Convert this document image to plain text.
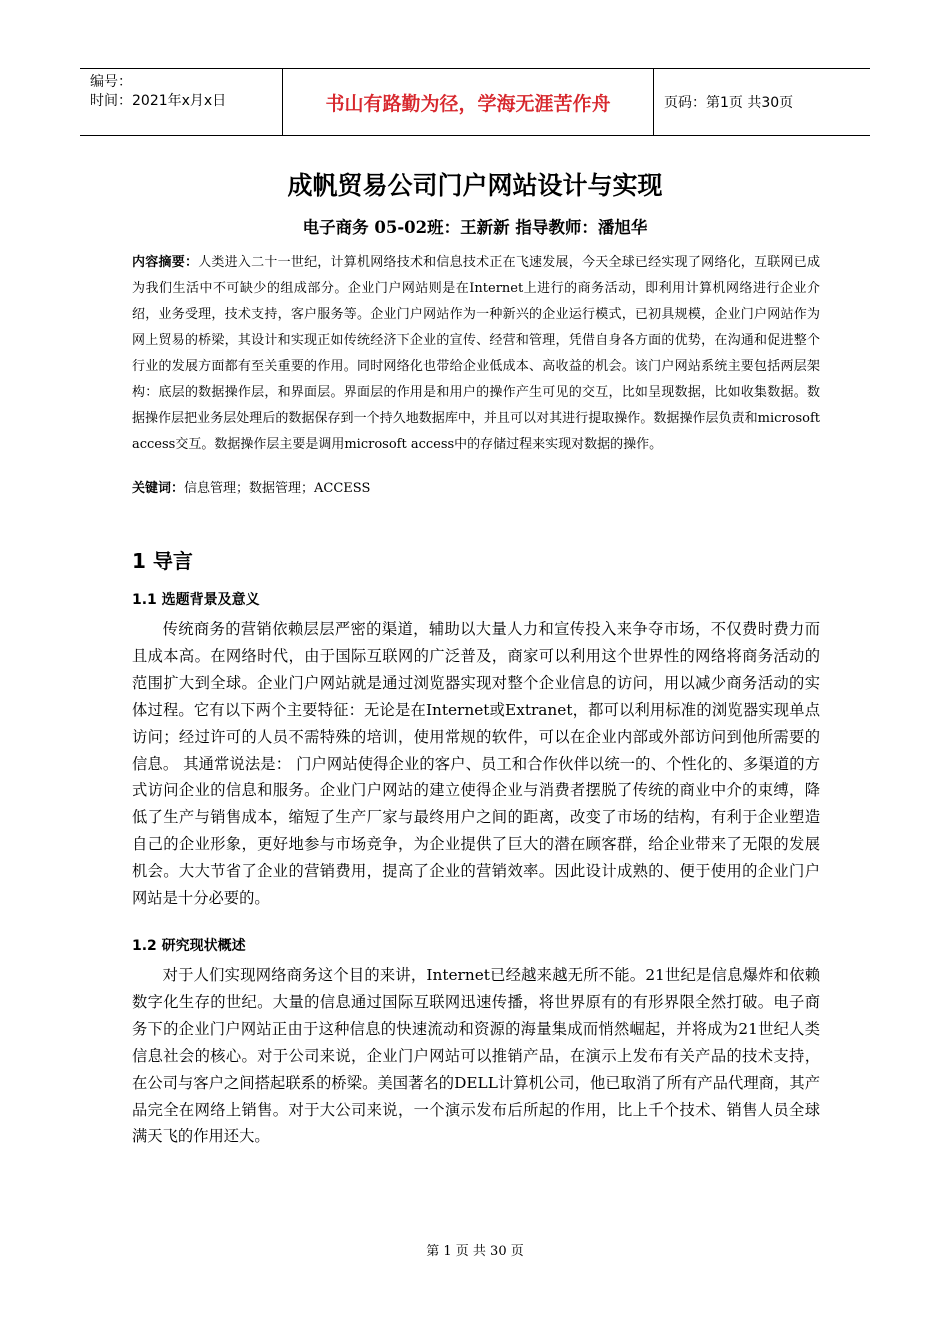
编号：
时间：2021年x月x日	书山有路勤为径，学海无涯苦作舟	页码：第1页 共30页
成帆贸易公司门户网站设计与实现
电子商务 05-02班：王新新 指导教师：潘旭华
内容摘要：人类进入二十一世纪，计算机网络技术和信息技术正在飞速发展，今天全球已经实现了网络化，互联网已成为我们生活中不可缺少的组成部分。企业门户网站则是在Internet上进行的商务活动，即利用计算机网络进行企业介绍，业务受理，技术支持，客户服务等。企业门户网站作为一种新兴的企业运行模式，已初具规模，企业门户网站作为网上贸易的桥梁，其设计和实现正如传统经济下企业的宣传、经营和管理，凭借自身各方面的优势，在沟通和促进整个行业的发展方面都有至关重要的作用。同时网络化也带给企业低成本、高收益的机会。该门户网站系统主要包括两层架构：底层的数据操作层，和界面层。界面层的作用是和用户的操作产生可见的交互，比如呈现数据，比如收集数据。数据操作层把业务层处理后的数据保存到一个持久地数据库中，并且可以对其进行提取操作。数据操作层负责和microsoft access交互。数据操作层主要是调用microsoft access中的存储过程来实现对数据的操作。
关键词：信息管理；数据管理；ACCESS
1 导言
1.1 选题背景及意义
传统商务的营销依赖层层严密的渠道，辅助以大量人力和宣传投入来争夺市场，不仅费时费力而且成本高。在网络时代，由于国际互联网的广泛普及，商家可以利用这个世界性的网络将商务活动的范围扩大到全球。企业门户网站就是通过浏览器实现对整个企业信息的访问，用以减少商务活动的实体过程。它有以下两个主要特征：无论是在Internet或Extranet，都可以利用标准的浏览器实现单点访问；经过许可的人员不需特殊的培训，使用常规的软件，可以在企业内部或外部访问到他所需要的信息。 其通常说法是： 门户网站使得企业的客户、员工和合作伙伴以统一的、个性化的、多渠道的方式访问企业的信息和服务。企业门户网站的建立使得企业与消费者摆脱了传统的商业中介的束缚，降低了生产与销售成本，缩短了生产厂家与最终用户之间的距离，改变了市场的结构，有利于企业塑造自己的企业形象，更好地参与市场竞争，为企业提供了巨大的潜在顾客群，给企业带来了无限的发展机会。大大节省了企业的营销费用，提高了企业的营销效率。因此设计成熟的、便于使用的企业门户网站是十分必要的。
1.2 研究现状概述
对于人们实现网络商务这个目的来讲，Internet已经越来越无所不能。21世纪是信息爆炸和依赖数字化生存的世纪。大量的信息通过国际互联网迅速传播，将世界原有的有形界限全然打破。电子商务下的企业门户网站正由于这种信息的快速流动和资源的海量集成而悄然崛起，并将成为21世纪人类信息社会的核心。对于公司来说，企业门户网站可以推销产品，在演示上发布有关产品的技术支持，在公司与客户之间搭起联系的桥梁。美国著名的DELL计算机公司，他已取消了所有产品代理商，其产品完全在网络上销售。对于大公司来说，一个演示发布后所起的作用，比上千个技术、销售人员全球满天飞的作用还大。
第 1 页 共 30 页
